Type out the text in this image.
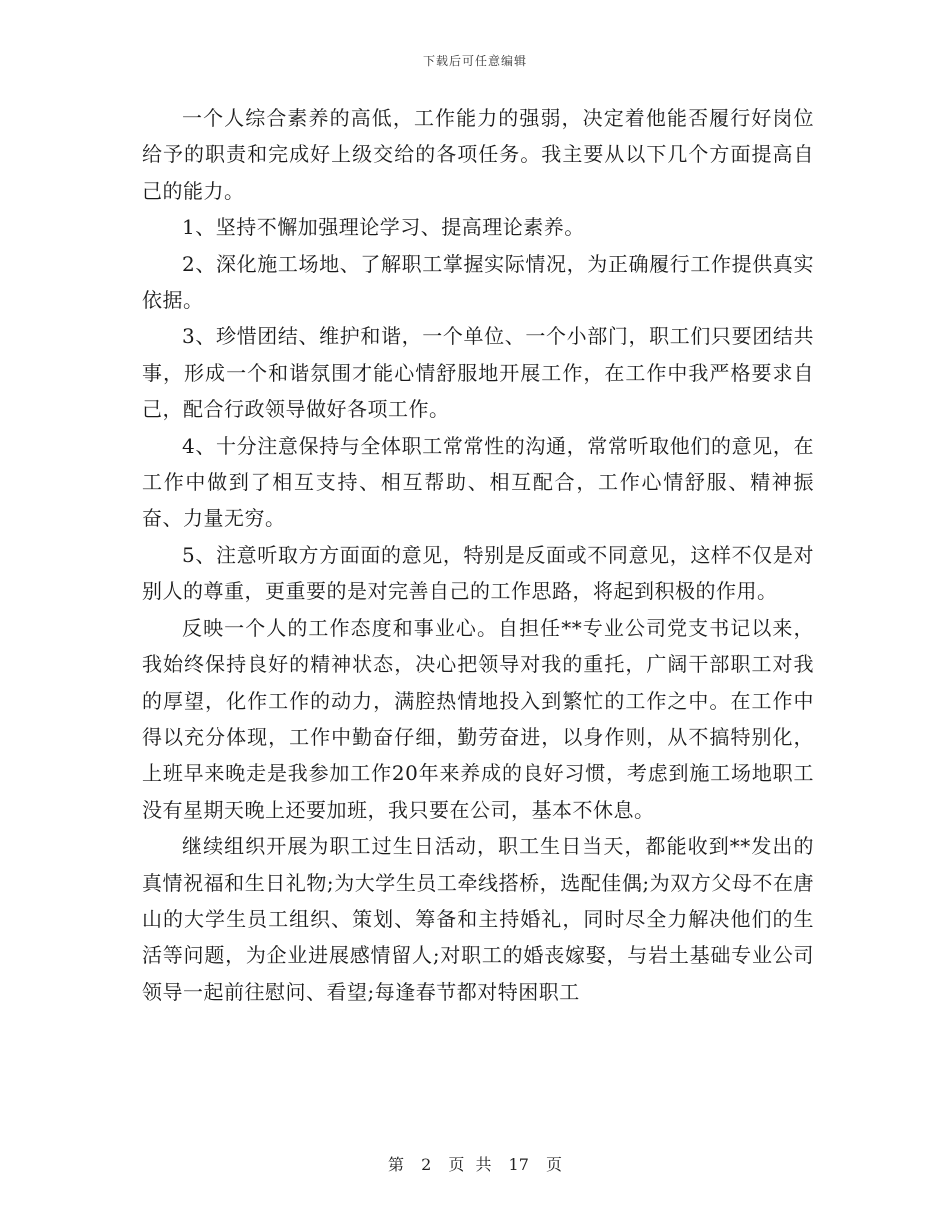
下载后可任意编辑

一个人综合素养的高低，工作能力的强弱，决定着他能否履行好岗位给予的职责和完成好上级交给的各项任务。我主要从以下几个方面提高自己的能力。

1、坚持不懈加强理论学习、提高理论素养。

2、深化施工场地、了解职工掌握实际情况，为正确履行工作提供真实依据。

3、珍惜团结、维护和谐，一个单位、一个小部门，职工们只要团结共事，形成一个和谐氛围才能心情舒服地开展工作，在工作中我严格要求自己，配合行政领导做好各项工作。

4、十分注意保持与全体职工常常性的沟通，常常听取他们的意见，在工作中做到了相互支持、相互帮助、相互配合，工作心情舒服、精神振奋、力量无穷。

5、注意听取方方面面的意见，特别是反面或不同意见，这样不仅是对别人的尊重，更重要的是对完善自己的工作思路，将起到积极的作用。

反映一个人的工作态度和事业心。自担任**专业公司党支书记以来，我始终保持良好的精神状态，决心把领导对我的重托，广阔干部职工对我的厚望，化作工作的动力，满腔热情地投入到繁忙的工作之中。在工作中得以充分体现，工作中勤奋仔细，勤劳奋进，以身作则，从不搞特别化，上班早来晚走是我参加工作20年来养成的良好习惯，考虑到施工场地职工没有星期天晚上还要加班，我只要在公司，基本不休息。

继续组织开展为职工过生日活动，职工生日当天，都能收到**发出的真情祝福和生日礼物;为大学生员工牵线搭桥，选配佳偶;为双方父母不在唐山的大学生员工组织、策划、筹备和主持婚礼，同时尽全力解决他们的生活等问题，为企业进展感情留人;对职工的婚丧嫁娶，与岩土基础专业公司领导一起前往慰问、看望;每逢春节都对特困职工

第 2 页 共 17 页
